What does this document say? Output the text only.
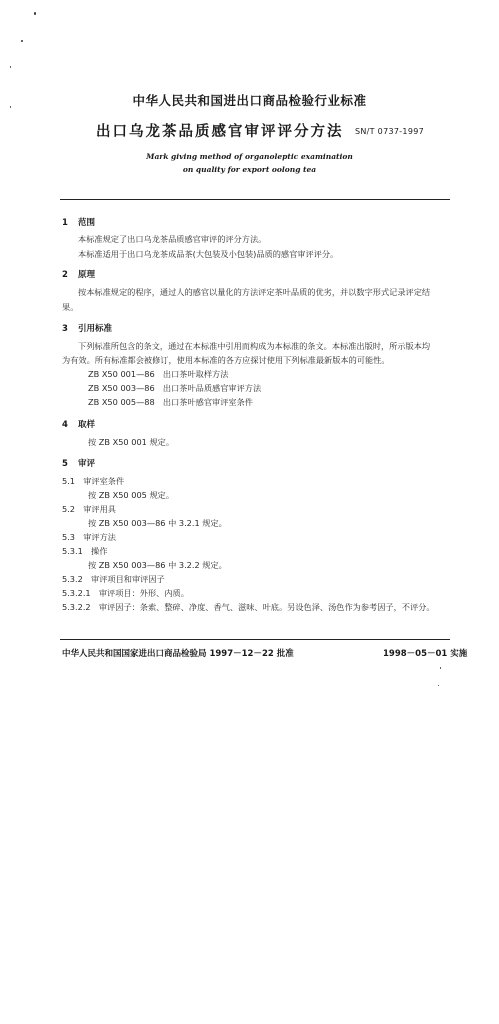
中华人民共和国进出口商品检验行业标准
出口乌龙茶品质感官审评评分方法 SN/T 0737-1997
Mark giving method of organoleptic examination
on quality for export oolong tea
1 范围
本标准规定了出口乌龙茶品质感官审评的评分方法。
本标准适用于出口乌龙茶成品茶(大包装及小包装)品质的感官审评评分。
2 原理
按本标准规定的程序，通过人的感官以量化的方法评定茶叶品质的优劣，并以数字形式记录评定结
果。
3 引用标准
下列标准所包含的条文，通过在本标准中引用而构成为本标准的条文。本标准出版时，所示版本均
为有效。所有标准都会被修订，使用本标准的各方应探讨使用下列标准最新版本的可能性。
ZB X50 001—86　出口茶叶取样方法
ZB X50 003—86　出口茶叶品质感官审评方法
ZB X50 005—88　出口茶叶感官审评室条件
4 取样
按 ZB X50 001 规定。
5 审评
5.1　审评室条件
按 ZB X50 005 规定。
5.2　审评用具
按 ZB X50 003—86 中 3.2.1 规定。
5.3　审评方法
5.3.1　操作
按 ZB X50 003—86 中 3.2.2 规定。
5.3.2　审评项目和审评因子
5.3.2.1　审评项目：外形、内质。
5.3.2.2　审评因子：条索、整碎、净度、香气、滋味、叶底。另设色泽、汤色作为参考因子，不评分。
中华人民共和国国家进出口商品检验局 1997－12－22 批准	1998－05－01 实施
